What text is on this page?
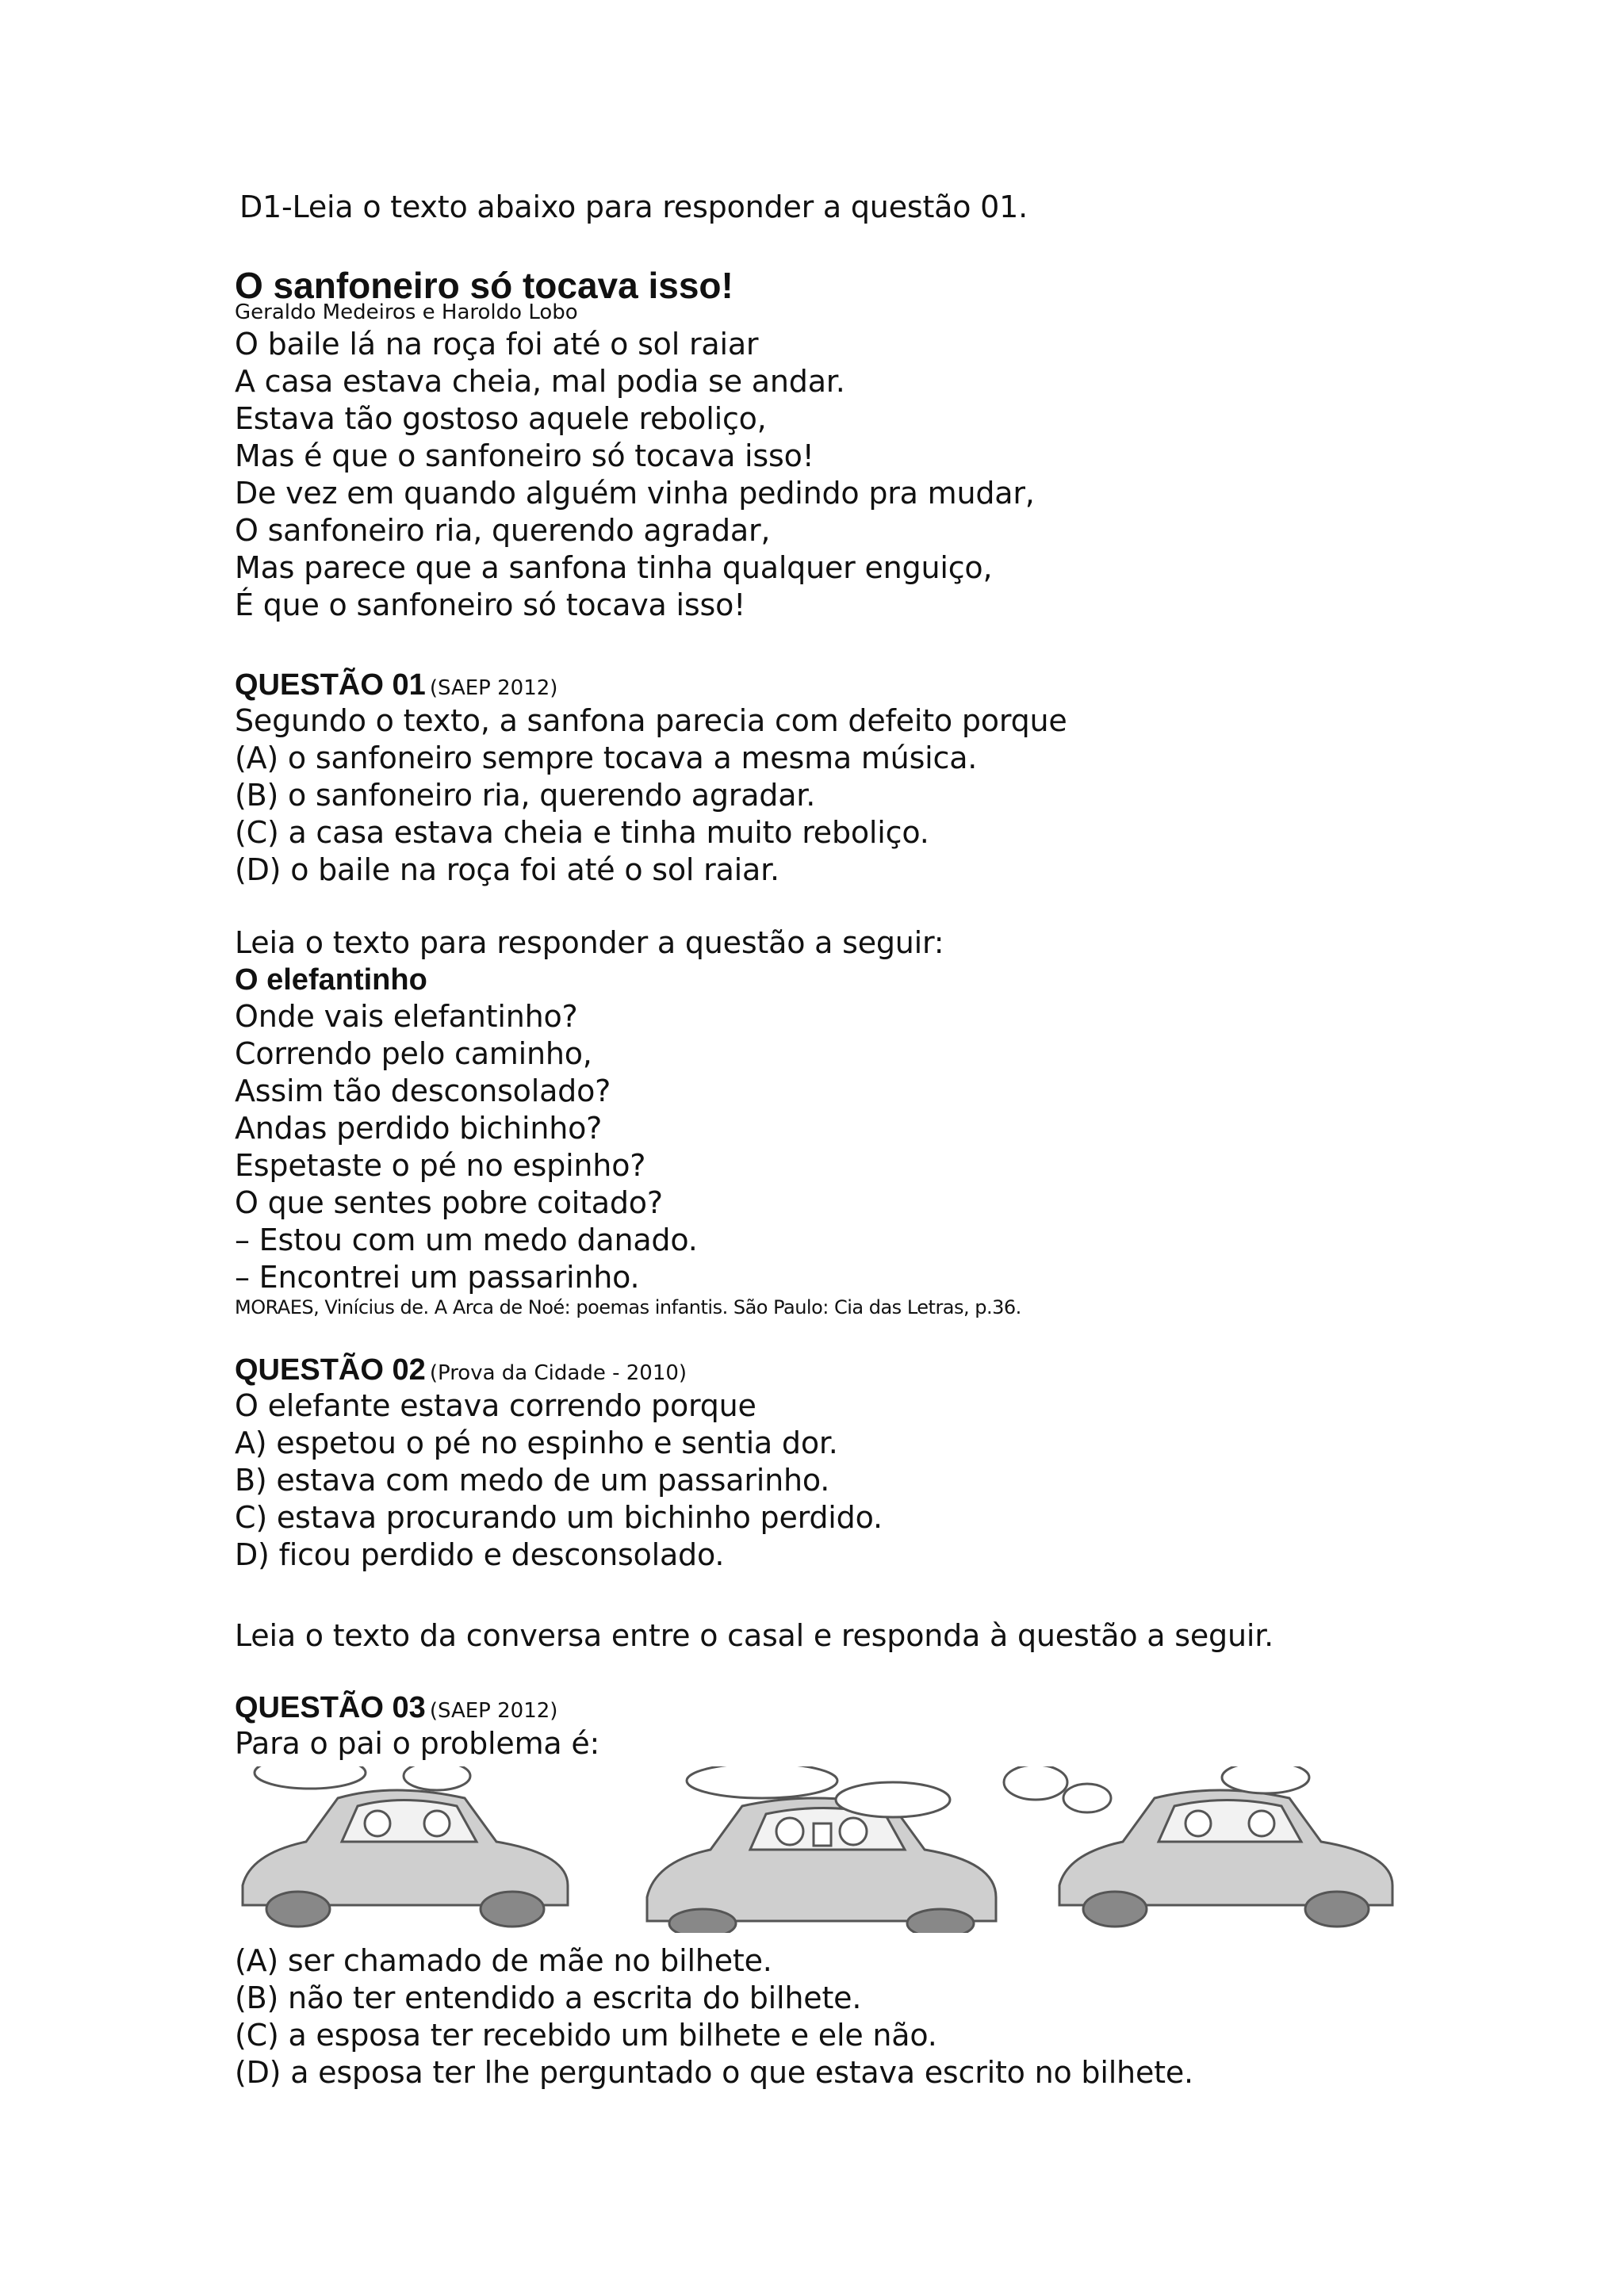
D1-Leia o texto abaixo para responder a questão 01.
O sanfoneiro só tocava isso!
Geraldo Medeiros e Haroldo Lobo
O baile lá na roça foi até o sol raiar
A casa estava cheia, mal podia se andar.
Estava tão gostoso aquele reboliço,
Mas é que o sanfoneiro só tocava isso!
De vez em quando alguém vinha pedindo pra mudar,
O sanfoneiro ria, querendo agradar,
Mas parece que a sanfona tinha qualquer enguiço,
É que o sanfoneiro só tocava isso!
QUESTÃO 01 (SAEP 2012)
Segundo o texto, a sanfona parecia com defeito porque
(A) o sanfoneiro sempre tocava a mesma música.
(B) o sanfoneiro ria, querendo agradar.
(C) a casa estava cheia e tinha muito reboliço.
(D) o baile na roça foi até o sol raiar.
Leia o texto para responder a questão a seguir:
O elefantinho
Onde vais elefantinho?
Correndo pelo caminho,
Assim tão desconsolado?
Andas perdido bichinho?
Espetaste o pé no espinho?
O que sentes pobre coitado?
– Estou com um medo danado.
– Encontrei um passarinho.
MORAES, Vinícius de. A Arca de Noé: poemas infantis. São Paulo: Cia das Letras, p.36.
QUESTÃO 02 (Prova da Cidade - 2010)
O elefante estava correndo porque
A) espetou o pé no espinho e sentia dor.
B) estava com medo de um passarinho.
C) estava procurando um bichinho perdido.
D) ficou perdido e desconsolado.
Leia o texto da conversa entre o casal e responda à questão a seguir.
QUESTÃO 03 (SAEP 2012)
Para o pai o problema é:
(A) ser chamado de mãe no bilhete.
(B) não ter entendido a escrita do bilhete.
(C) a esposa ter recebido um bilhete e ele não.
(D) a esposa ter lhe perguntado o que estava escrito no bilhete.
